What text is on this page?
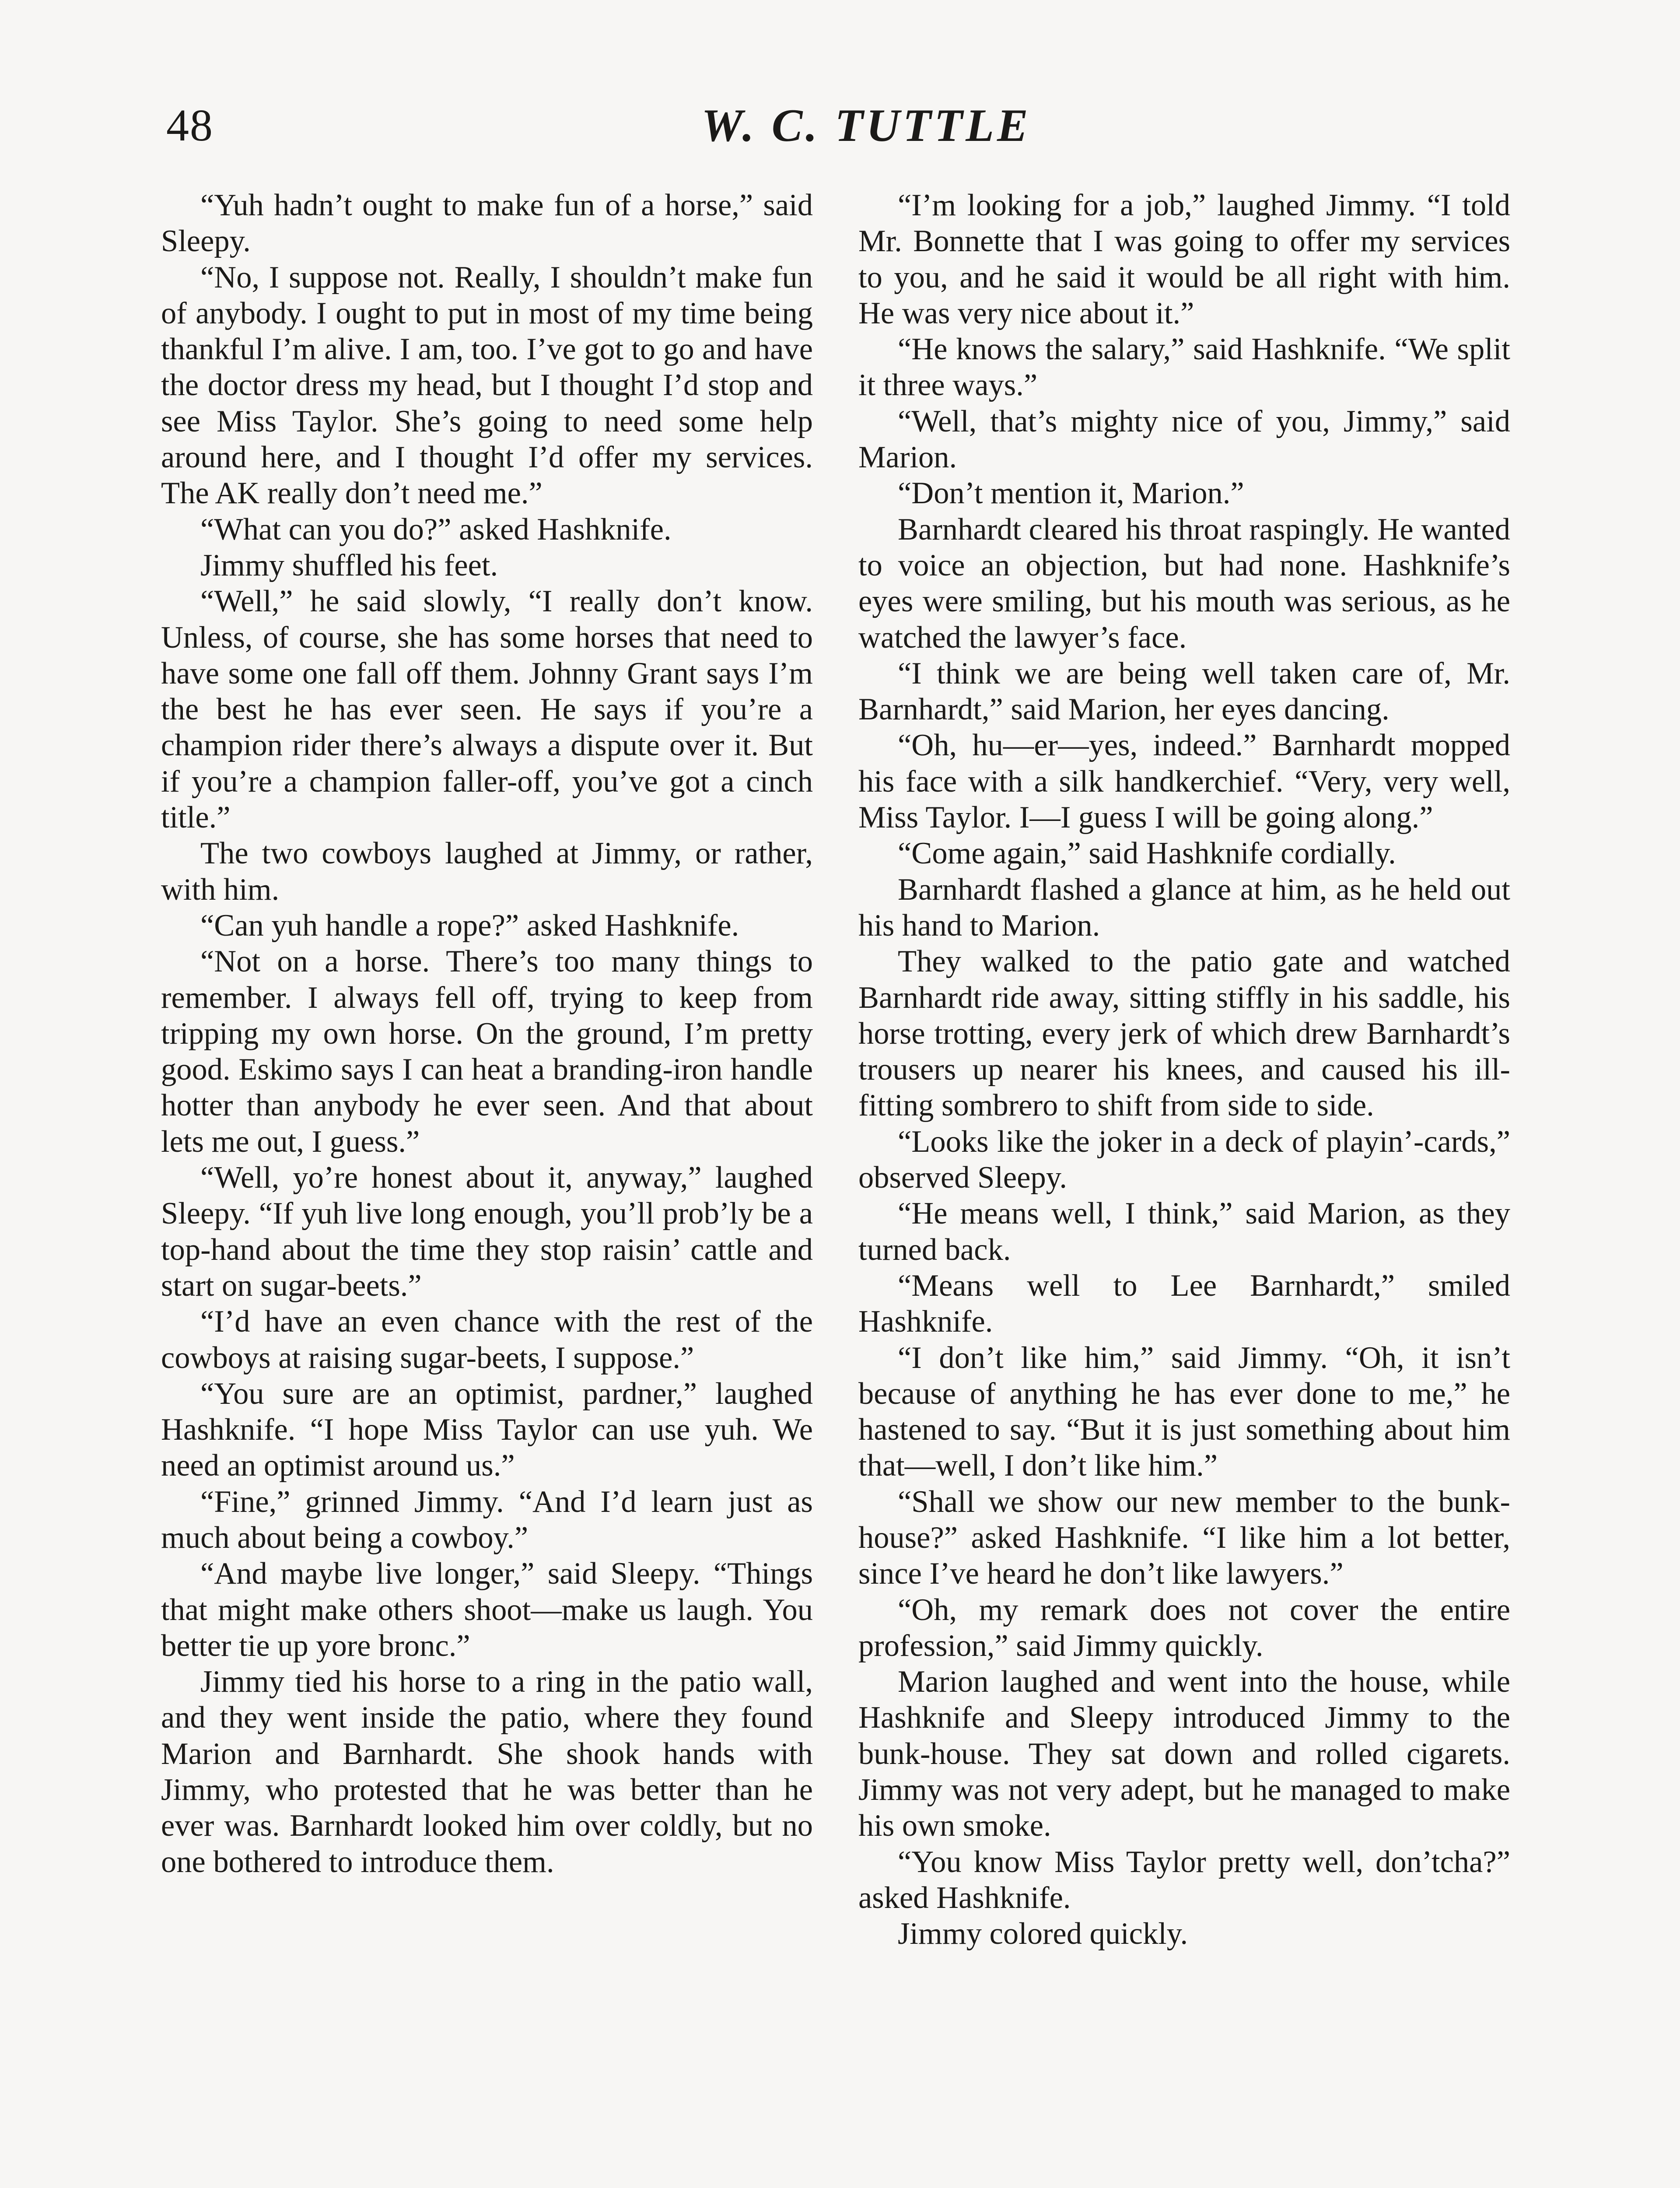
48	W. C. TUTTLE

“Yuh hadn’t ought to make fun of a horse,” said Sleepy.

“No, I suppose not. Really, I shouldn’t make fun of anybody. I ought to put in most of my time being thankful I’m alive. I am, too. I’ve got to go and have the doctor dress my head, but I thought I’d stop and see Miss Taylor. She’s going to need some help around here, and I thought I’d offer my services. The AK really don’t need me.”

“What can you do?” asked Hashknife.

Jimmy shuffled his feet.

“Well,” he said slowly, “I really don’t know. Unless, of course, she has some horses that need to have some one fall off them. Johnny Grant says I’m the best he has ever seen. He says if you’re a champion rider there’s always a dispute over it. But if you’re a champion faller-off, you’ve got a cinch title.”

The two cowboys laughed at Jimmy, or rather, with him.

“Can yuh handle a rope?” asked Hashknife.

“Not on a horse. There’s too many things to remember. I always fell off, trying to keep from tripping my own horse. On the ground, I’m pretty good. Eskimo says I can heat a branding-iron handle hotter than anybody he ever seen. And that about lets me out, I guess.”

“Well, yo’re honest about it, anyway,” laughed Sleepy. “If yuh live long enough, you’ll prob’ly be a top-hand about the time they stop raisin’ cattle and start on sugar-beets.”

“I’d have an even chance with the rest of the cowboys at raising sugar-beets, I suppose.”

“You sure are an optimist, pardner,” laughed Hashknife. “I hope Miss Taylor can use yuh. We need an optimist around us.”

“Fine,” grinned Jimmy. “And I’d learn just as much about being a cowboy.”

“And maybe live longer,” said Sleepy. “Things that might make others shoot—make us laugh. You better tie up yore bronc.”

Jimmy tied his horse to a ring in the patio wall, and they went inside the patio, where they found Marion and Barnhardt. She shook hands with Jimmy, who protested that he was better than he ever was. Barnhardt looked him over coldly, but no one bothered to introduce them.

“I’m looking for a job,” laughed Jimmy. “I told Mr. Bonnette that I was going to offer my services to you, and he said it would be all right with him. He was very nice about it.”

“He knows the salary,” said Hashknife. “We split it three ways.”

“Well, that’s mighty nice of you, Jimmy,” said Marion.

“Don’t mention it, Marion.”

Barnhardt cleared his throat raspingly. He wanted to voice an objection, but had none. Hashknife’s eyes were smiling, but his mouth was serious, as he watched the lawyer’s face.

“I think we are being well taken care of, Mr. Barnhardt,” said Marion, her eyes dancing.

“Oh, hu—er—yes, indeed.” Barnhardt mopped his face with a silk handkerchief. “Very, very well, Miss Taylor. I—I guess I will be going along.”

“Come again,” said Hashknife cordially.

Barnhardt flashed a glance at him, as he held out his hand to Marion.

They walked to the patio gate and watched Barnhardt ride away, sitting stiffly in his saddle, his horse trotting, every jerk of which drew Barnhardt’s trousers up nearer his knees, and caused his ill-fitting sombrero to shift from side to side.

“Looks like the joker in a deck of playin’-cards,” observed Sleepy.

“He means well, I think,” said Marion, as they turned back.

“Means well to Lee Barnhardt,” smiled Hashknife.

“I don’t like him,” said Jimmy. “Oh, it isn’t because of anything he has ever done to me,” he hastened to say. “But it is just something about him that—well, I don’t like him.”

“Shall we show our new member to the bunk-house?” asked Hashknife. “I like him a lot better, since I’ve heard he don’t like lawyers.”

“Oh, my remark does not cover the entire profession,” said Jimmy quickly.

Marion laughed and went into the house, while Hashknife and Sleepy introduced Jimmy to the bunk-house. They sat down and rolled cigarets. Jimmy was not very adept, but he managed to make his own smoke.

“You know Miss Taylor pretty well, don’tcha?” asked Hashknife.

Jimmy colored quickly.
